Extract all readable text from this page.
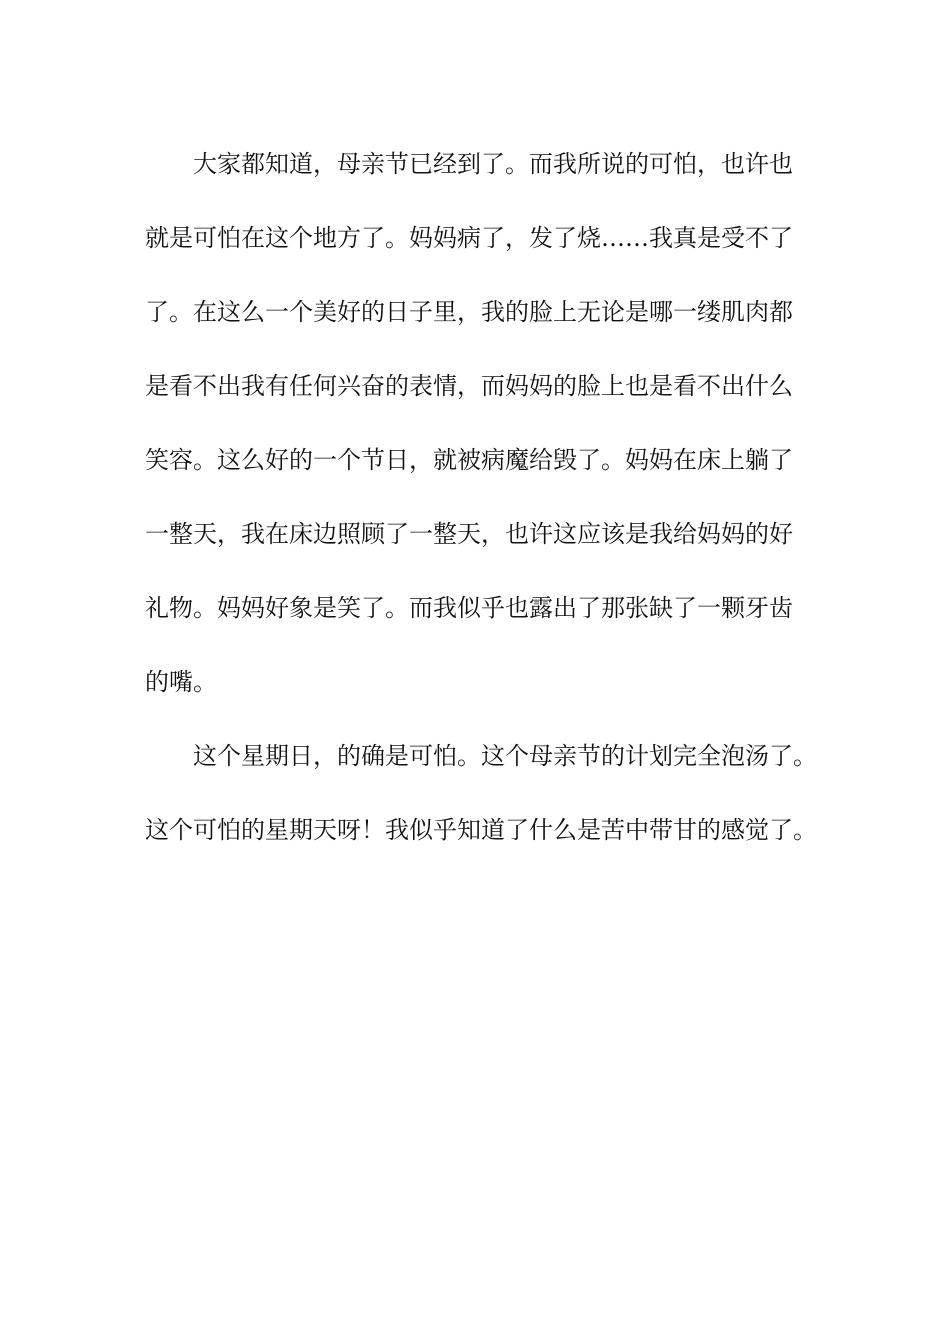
大家都知道，母亲节已经到了。而我所说的可怕，也许也
就是可怕在这个地方了。妈妈病了，发了烧……我真是受不了
了。在这么一个美好的日子里，我的脸上无论是哪一缕肌肉都
是看不出我有任何兴奋的表情，而妈妈的脸上也是看不出什么
笑容。这么好的一个节日，就被病魔给毁了。妈妈在床上躺了
一整天，我在床边照顾了一整天，也许这应该是我给妈妈的好
礼物。妈妈好象是笑了。而我似乎也露出了那张缺了一颗牙齿
的嘴。
这个星期日，的确是可怕。这个母亲节的计划完全泡汤了。
这个可怕的星期天呀！我似乎知道了什么是苦中带甘的感觉了。
